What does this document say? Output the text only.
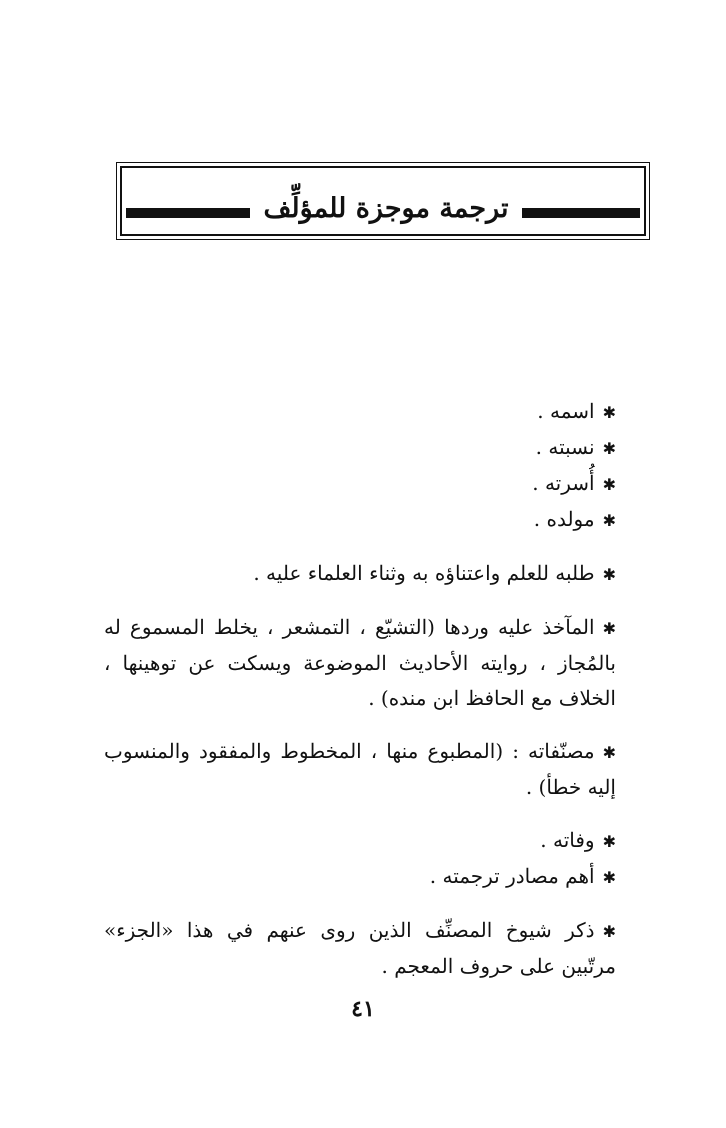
ترجمة موجزة للمؤلِّف

✱اسمه .

✱نسبته .

✱أُسرته .

✱مولده .

✱طلبه للعلم واعتناؤه به وثناء العلماء عليه .

✱المآخذ عليه وردها (التشيّع ، التمشعر ، يخلط المسموع له بالمُجاز ، روايته الأحاديث الموضوعة ويسكت عن توهينها ، الخلاف مع الحافظ ابن منده) .

✱مصنّفاته : (المطبوع منها ، المخطوط والمفقود والمنسوب إليه خطأ) .

✱وفاته .

✱أهم مصادر ترجمته .

✱ذكر شيوخ المصنِّف الذين روى عنهم في هذا «الجزء» مرتّبين على حروف المعجم .

٤١
